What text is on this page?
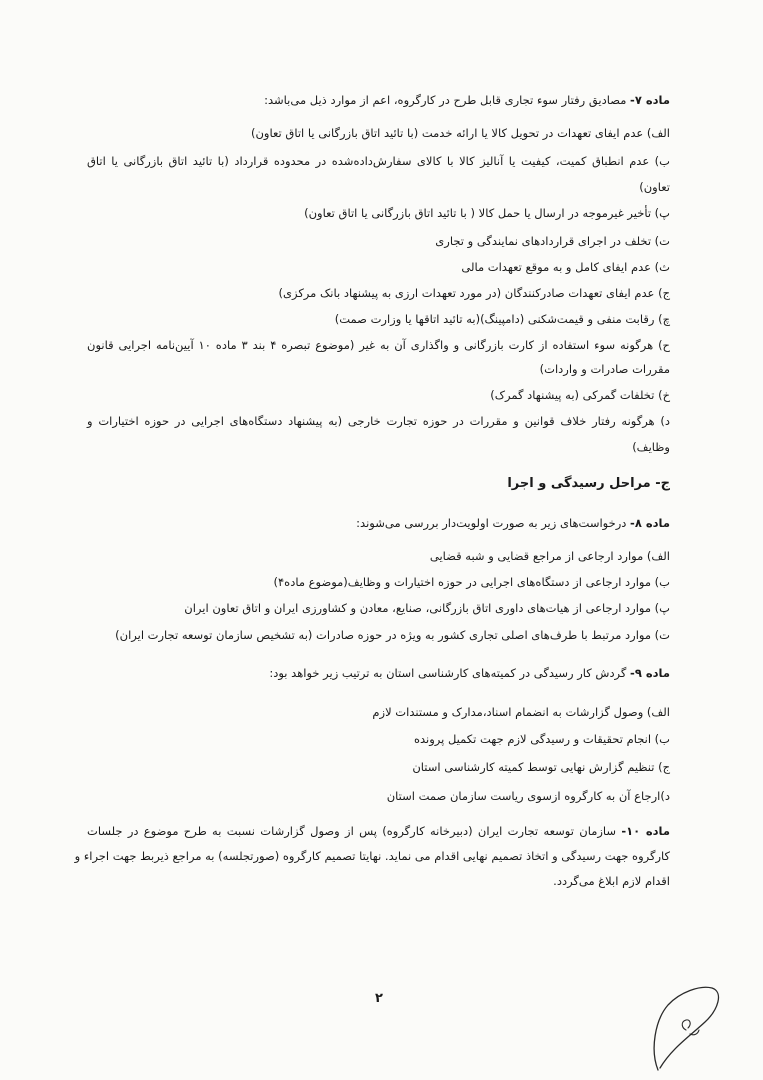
ماده ۷- مصادیق رفتار سوء تجاری قابل طرح در کارگروه، اعم از موارد ذیل می‌باشد:
الف) عدم ایفای تعهدات در تحویل کالا یا ارائه خدمت (با تائید اتاق بازرگانی یا اتاق تعاون)
ب) عدم انطباق کمیت، کیفیت یا آنالیز کالا با کالای سفارش‌داده‌شده در محدوده قرارداد (با تائید اتاق بازرگانی یا اتاق
تعاون)
پ) تأخیر غیرموجه در ارسال یا حمل کالا ( با تائید اتاق بازرگانی یا اتاق تعاون)
ت) تخلف در اجرای قراردادهای نمایندگی و تجاری
ث) عدم ایفای کامل و به موقع تعهدات مالی
ج) عدم ایفای تعهدات صادرکنندگان (در مورد تعهدات ارزی به پیشنهاد بانک مرکزی)
چ) رقابت منفی و قیمت‌شکنی (دامپینگ)(به تائید اتاقها یا وزارت صمت)
ح) هرگونه سوء استفاده از کارت بازرگانی و واگذاری آن به غیر (موضوع تبصره ۴ بند ۳ ماده ۱۰ آیین‌نامه اجرایی قانون
مقررات صادرات و واردات)
خ) تخلفات گمرکی (به پیشنهاد گمرک)
د) هرگونه رفتار خلاف قوانین و مقررات در حوزه تجارت خارجی (به پیشنهاد دستگاه‌های اجرایی در حوزه اختیارات و
وظایف)
ج- مراحل رسیدگی و اجرا
ماده ۸- درخواست‌های زیر به صورت اولویت‌دار بررسی می‌شوند:
الف) موارد ارجاعی از مراجع قضایی و شبه قضایی
ب) موارد ارجاعی از دستگاه‌های اجرایی در حوزه اختیارات و وظایف(موضوع ماده۴)
پ) موارد ارجاعی از هیات‌های داوری اتاق بازرگانی، صنایع، معادن و کشاورزی ایران و اتاق تعاون ایران
ت) موارد مرتبط با طرف‌های اصلی تجاری کشور به ویژه در حوزه صادرات (به تشخیص سازمان توسعه تجارت ایران)
ماده ۹- گردش کار رسیدگی در کمیته‌های کارشناسی استان به ترتیب زیر خواهد بود:
الف) وصول گزارشات به انضمام اسناد،مدارک و مستندات لازم
ب) انجام تحقیقات و رسیدگی لازم جهت تکمیل پرونده
ج) تنظیم گزارش نهایی توسط کمیته کارشناسی استان
د)ارجاع آن به کارگروه ازسوی ریاست سازمان صمت استان
ماده ۱۰- سازمان توسعه تجارت ایران (دبیرخانه کارگروه) پس از وصول گزارشات نسبت به طرح موضوع در جلسات
کارگروه جهت رسیدگی و اتخاذ تصمیم نهایی اقدام می نماید. نهایتا تصمیم کارگروه (صورتجلسه) به مراجع ذیربط جهت اجراء و
اقدام لازم ابلاغ می‌گردد.
۲
